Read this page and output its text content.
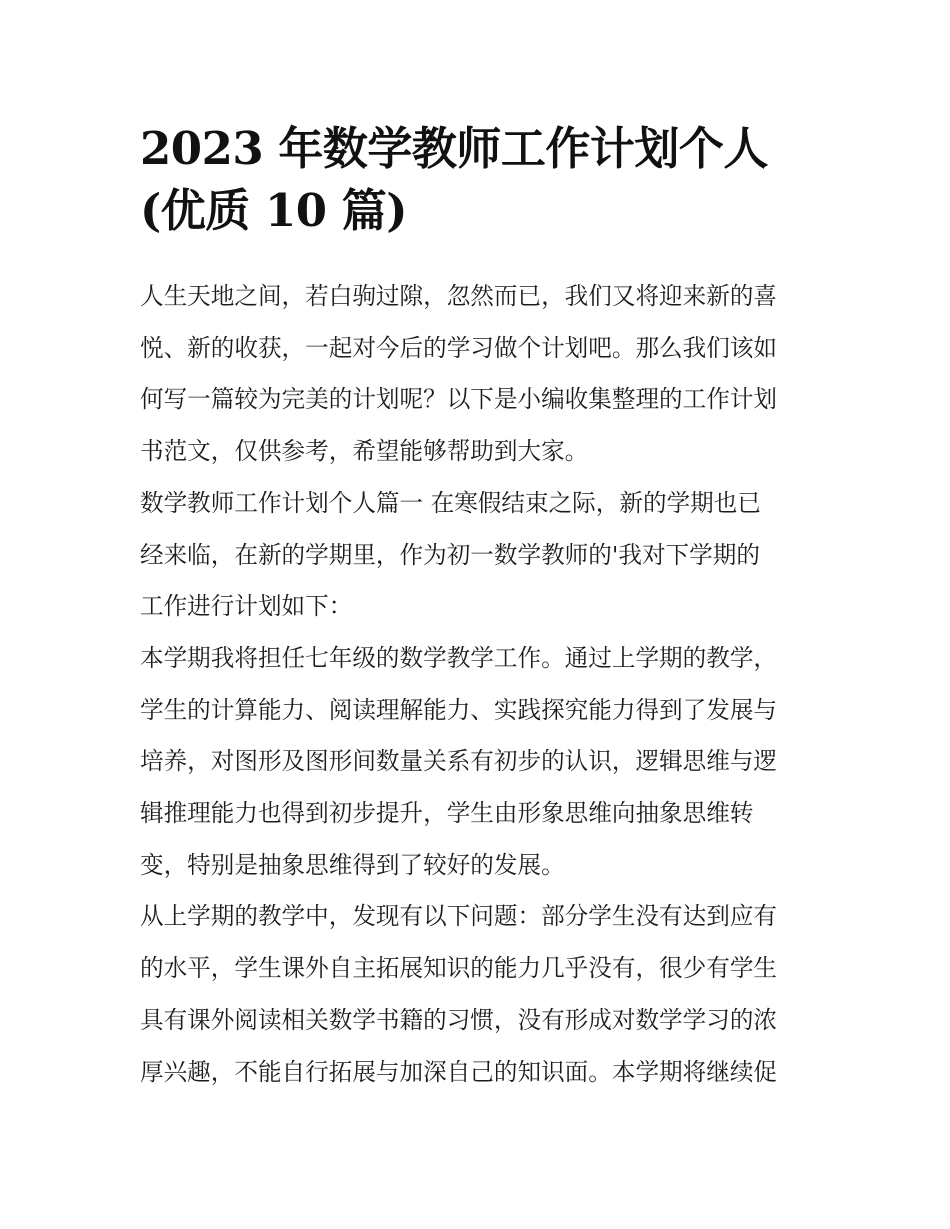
2023 年数学教师工作计划个人
(优质 10 篇)

人生天地之间，若白驹过隙，忽然而已，我们又将迎来新的喜
悦、新的收获，一起对今后的学习做个计划吧。那么我们该如
何写一篇较为完美的计划呢？以下是小编收集整理的工作计划
书范文，仅供参考，希望能够帮助到大家。

数学教师工作计划个人篇一 在寒假结束之际，新的学期也已
经来临，在新的学期里，作为初一数学教师的'我对下学期的
工作进行计划如下：

本学期我将担任七年级的数学教学工作。通过上学期的教学，
学生的计算能力、阅读理解能力、实践探究能力得到了发展与
培养，对图形及图形间数量关系有初步的认识，逻辑思维与逻
辑推理能力也得到初步提升，学生由形象思维向抽象思维转
变，特别是抽象思维得到了较好的发展。

从上学期的教学中，发现有以下问题：部分学生没有达到应有
的水平，学生课外自主拓展知识的能力几乎没有，很少有学生
具有课外阅读相关数学书籍的习惯，没有形成对数学学习的浓
厚兴趣，不能自行拓展与加深自己的知识面。本学期将继续促
